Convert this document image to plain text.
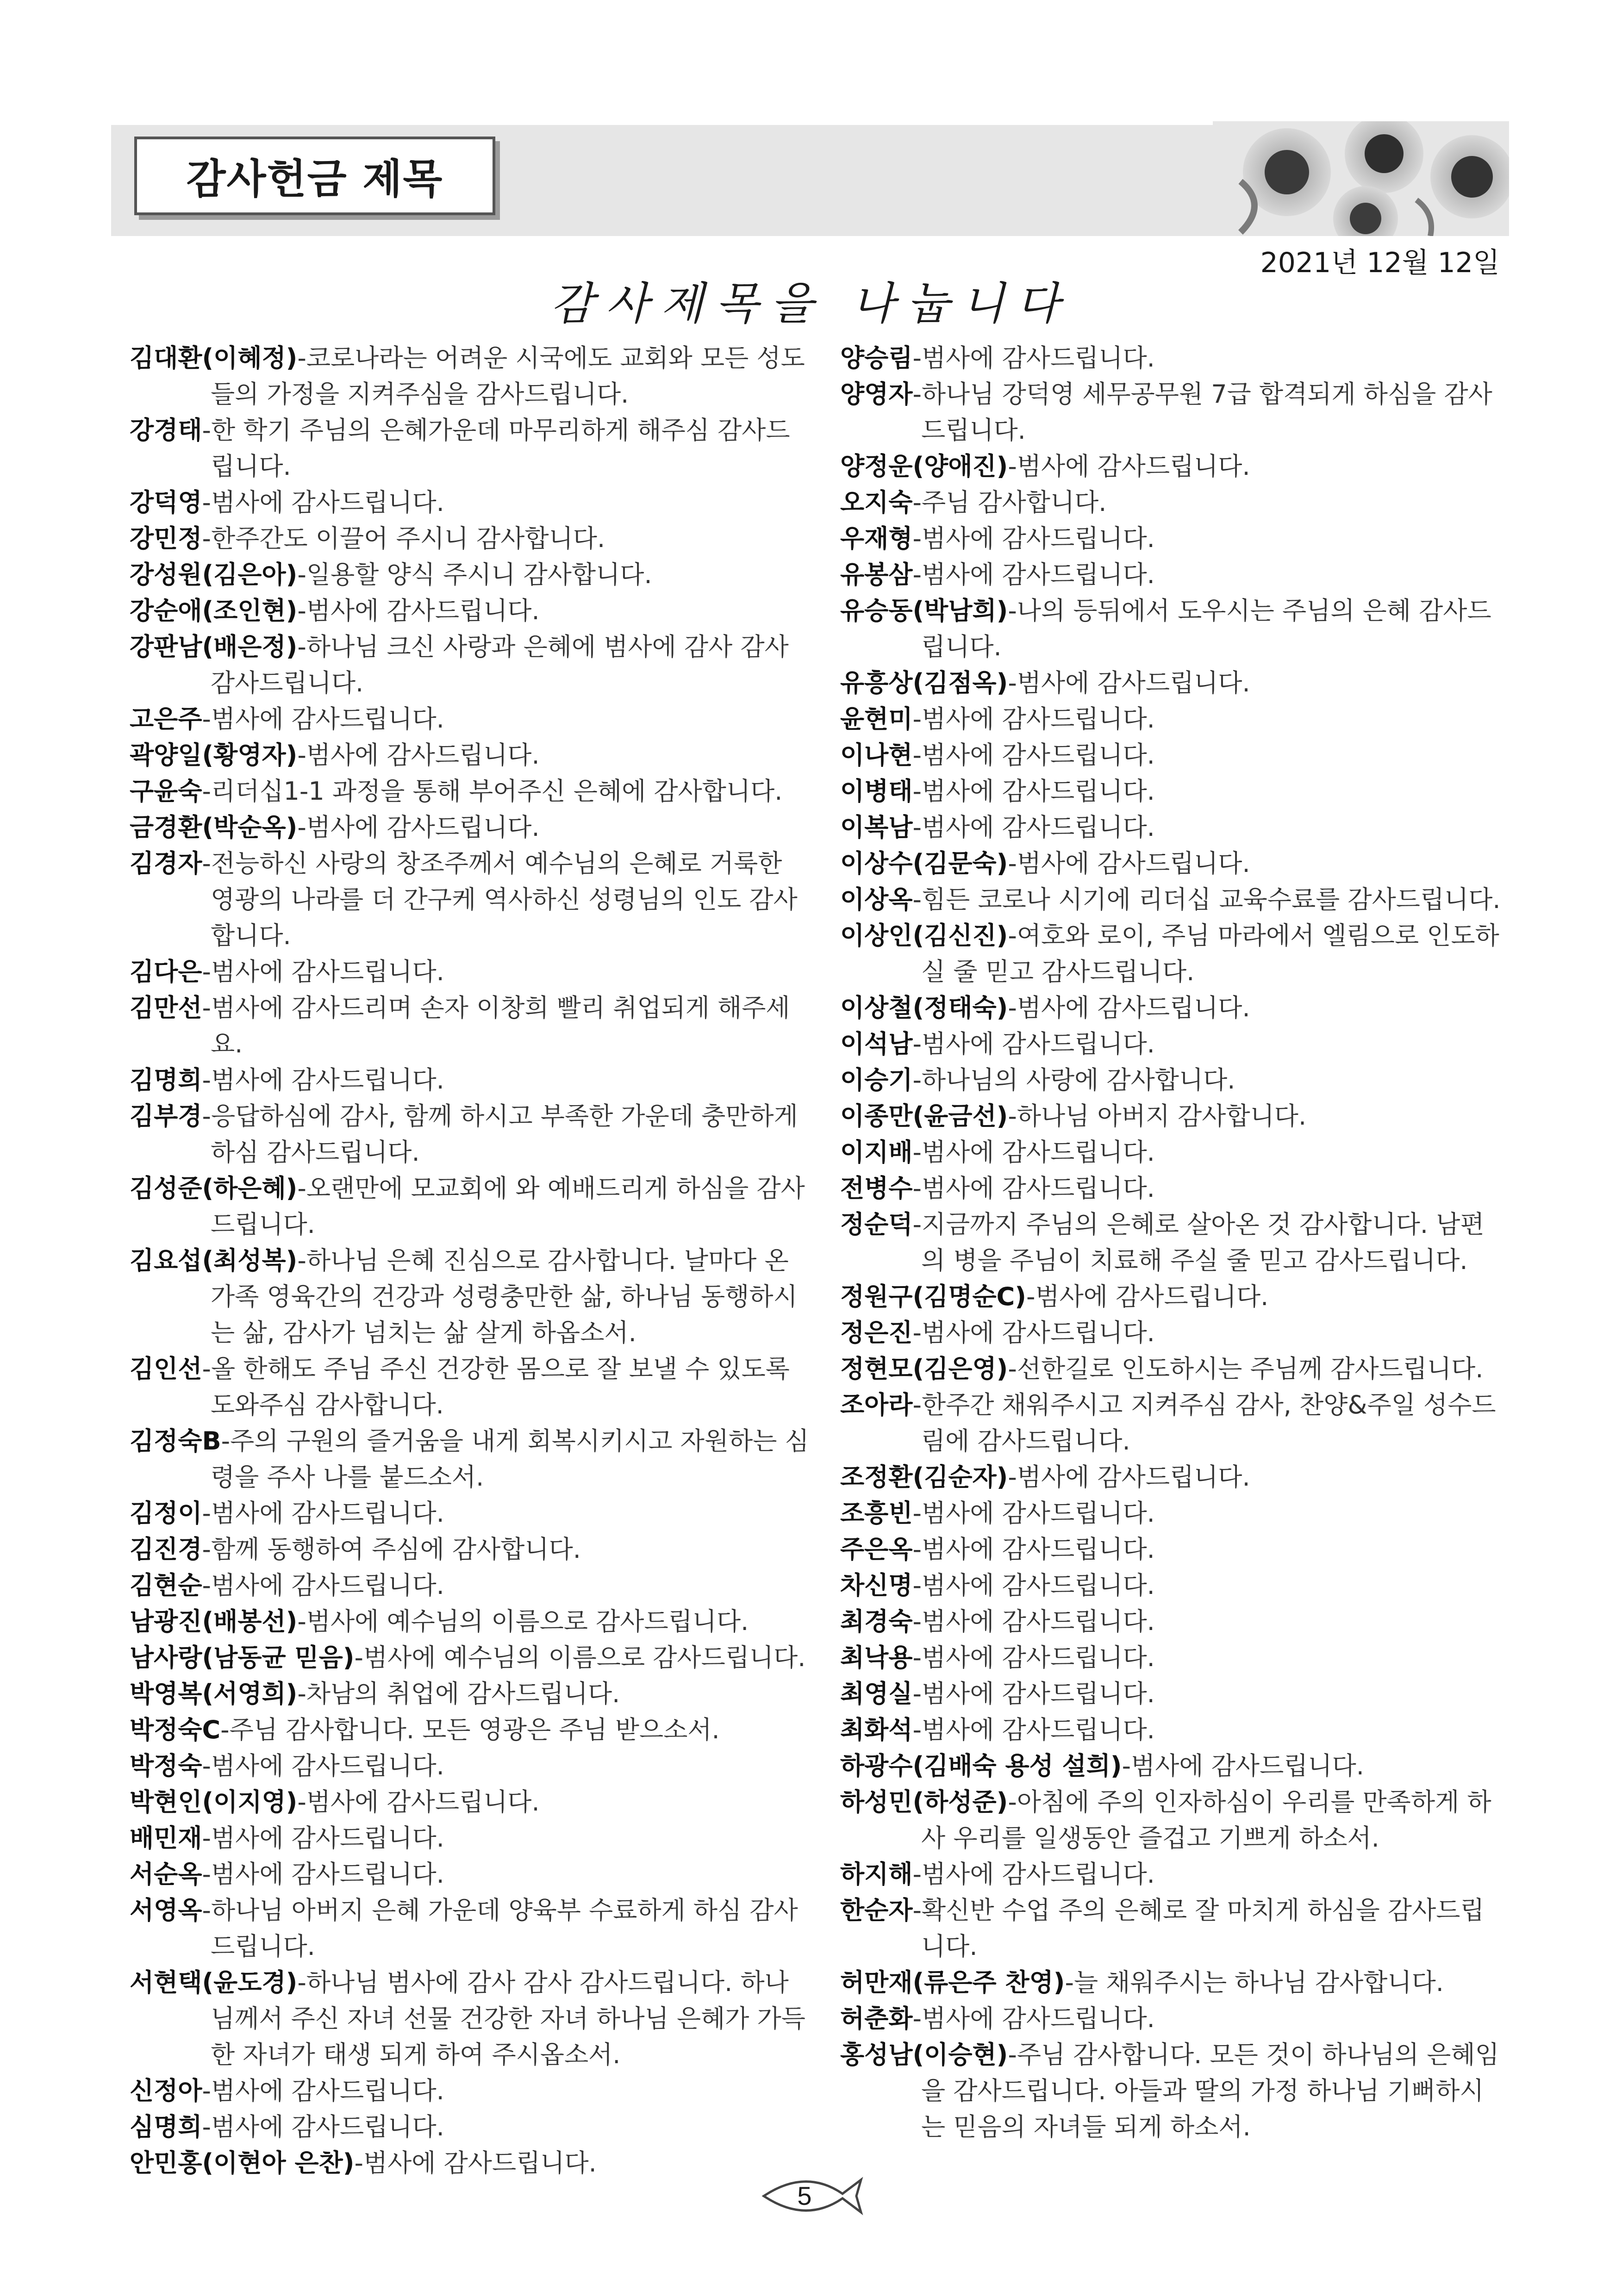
감사헌금 제목
2021년 12월 12일
감사제목을 나눕니다
김대환(이혜정)-코로나라는 어려운 시국에도 교회와 모든 성도들의 가정을 지켜주심을 감사드립니다.
강경태-한 학기 주님의 은혜가운데 마무리하게 해주심 감사드립니다.
강덕영-범사에 감사드립니다.
강민정-한주간도 이끌어 주시니 감사합니다.
강성원(김은아)-일용할 양식 주시니 감사합니다.
강순애(조인현)-범사에 감사드립니다.
강판남(배은정)-하나님 크신 사랑과 은혜에 범사에 감사 감사 감사드립니다.
고은주-범사에 감사드립니다.
곽양일(황영자)-범사에 감사드립니다.
구윤숙-리더십1-1 과정을 통해 부어주신 은혜에 감사합니다.
금경환(박순옥)-범사에 감사드립니다.
김경자-전능하신 사랑의 창조주께서 예수님의 은혜로 거룩한 영광의 나라를 더 간구케 역사하신 성령님의 인도 감사합니다.
김다은-범사에 감사드립니다.
김만선-범사에 감사드리며 손자 이창희 빨리 취업되게 해주세요.
김명희-범사에 감사드립니다.
김부경-응답하심에 감사, 함께 하시고 부족한 가운데 충만하게 하심 감사드립니다.
김성준(하은혜)-오랜만에 모교회에 와 예배드리게 하심을 감사드립니다.
김요섭(최성복)-하나님 은혜 진심으로 감사합니다. 날마다 온 가족 영육간의 건강과 성령충만한 삶, 하나님 동행하시는 삶, 감사가 넘치는 삶 살게 하옵소서.
김인선-올 한해도 주님 주신 건강한 몸으로 잘 보낼 수 있도록 도와주심 감사합니다.
김정숙B-주의 구원의 즐거움을 내게 회복시키시고 자원하는 심령을 주사 나를 붙드소서.
김정이-범사에 감사드립니다.
김진경-함께 동행하여 주심에 감사합니다.
김현순-범사에 감사드립니다.
남광진(배봉선)-범사에 예수님의 이름으로 감사드립니다.
남사랑(남동균 믿음)-범사에 예수님의 이름으로 감사드립니다.
박영복(서영희)-차남의 취업에 감사드립니다.
박정숙C-주님 감사합니다. 모든 영광은 주님 받으소서.
박정숙-범사에 감사드립니다.
박현인(이지영)-범사에 감사드립니다.
배민재-범사에 감사드립니다.
서순옥-범사에 감사드립니다.
서영옥-하나님 아버지 은혜 가운데 양육부 수료하게 하심 감사드립니다.
서현택(윤도경)-하나님 범사에 감사 감사 감사드립니다. 하나님께서 주신 자녀 선물 건강한 자녀 하나님 은혜가 가득한 자녀가 태생 되게 하여 주시옵소서.
신정아-범사에 감사드립니다.
심명희-범사에 감사드립니다.
안민홍(이현아 은찬)-범사에 감사드립니다.
양승림-범사에 감사드립니다.
양영자-하나님 강덕영 세무공무원 7급 합격되게 하심을 감사드립니다.
양정운(양애진)-범사에 감사드립니다.
오지숙-주님 감사합니다.
우재형-범사에 감사드립니다.
유봉삼-범사에 감사드립니다.
유승동(박남희)-나의 등뒤에서 도우시는 주님의 은혜 감사드립니다.
유흥상(김점옥)-범사에 감사드립니다.
윤현미-범사에 감사드립니다.
이나현-범사에 감사드립니다.
이병태-범사에 감사드립니다.
이복남-범사에 감사드립니다.
이상수(김문숙)-범사에 감사드립니다.
이상옥-힘든 코로나 시기에 리더십 교육수료를 감사드립니다.
이상인(김신진)-여호와 로이, 주님 마라에서 엘림으로 인도하실 줄 믿고 감사드립니다.
이상철(정태숙)-범사에 감사드립니다.
이석남-범사에 감사드립니다.
이승기-하나님의 사랑에 감사합니다.
이종만(윤금선)-하나님 아버지 감사합니다.
이지배-범사에 감사드립니다.
전병수-범사에 감사드립니다.
정순덕-지금까지 주님의 은혜로 살아온 것 감사합니다. 남편의 병을 주님이 치료해 주실 줄 믿고 감사드립니다.
정원구(김명순C)-범사에 감사드립니다.
정은진-범사에 감사드립니다.
정현모(김은영)-선한길로 인도하시는 주님께 감사드립니다.
조아라-한주간 채워주시고 지켜주심 감사, 찬양&주일 성수드림에 감사드립니다.
조정환(김순자)-범사에 감사드립니다.
조흥빈-범사에 감사드립니다.
주은옥-범사에 감사드립니다.
차신명-범사에 감사드립니다.
최경숙-범사에 감사드립니다.
최낙용-범사에 감사드립니다.
최영실-범사에 감사드립니다.
최화석-범사에 감사드립니다.
하광수(김배숙 용성 설희)-범사에 감사드립니다.
하성민(하성준)-아침에 주의 인자하심이 우리를 만족하게 하사 우리를 일생동안 즐겁고 기쁘게 하소서.
하지해-범사에 감사드립니다.
한순자-확신반 수업 주의 은혜로 잘 마치게 하심을 감사드립니다.
허만재(류은주 찬영)-늘 채워주시는 하나님 감사합니다.
허춘화-범사에 감사드립니다.
홍성남(이승현)-주님 감사합니다. 모든 것이 하나님의 은혜임을 감사드립니다. 아들과 딸의 가정 하나님 기뻐하시는 믿음의 자녀들 되게 하소서.
5
